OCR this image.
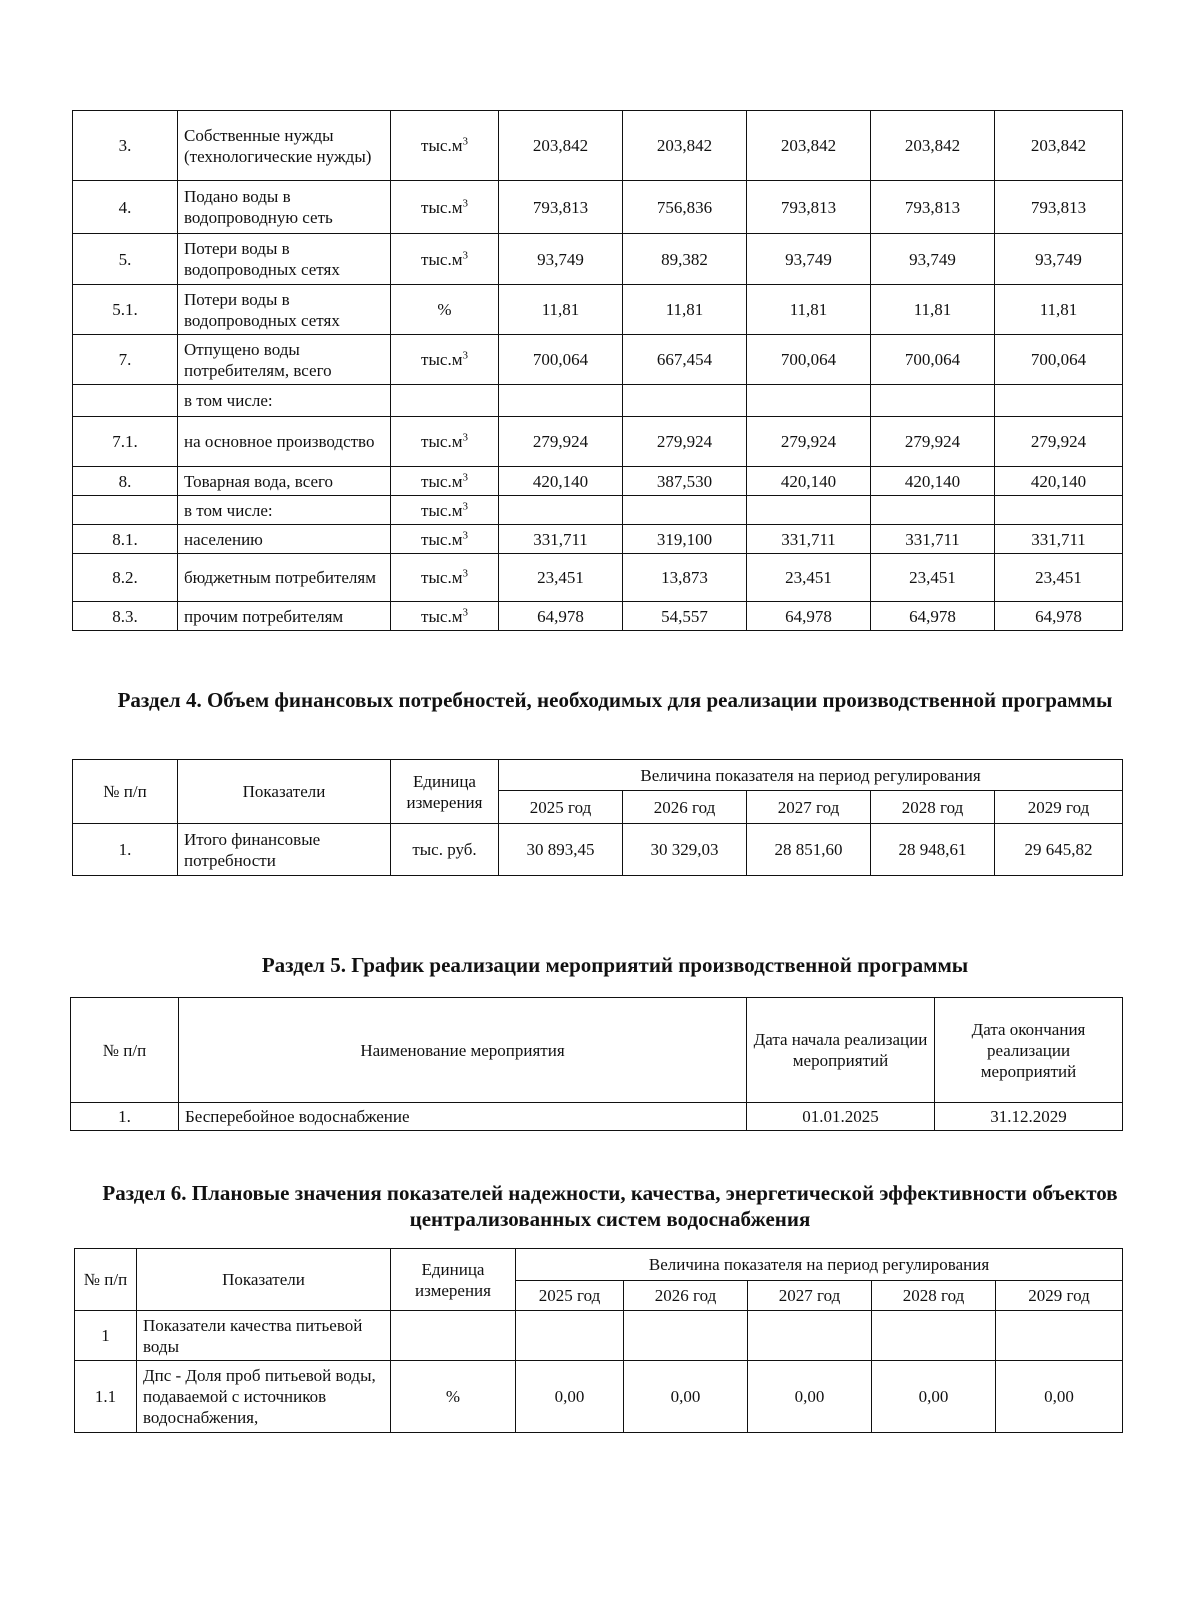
3.	Собственные нужды (технологические нужды)	$тыс.м^3$	203,842	203,842	203,842	203,842	203,842
4.	Подано воды в водопроводную сеть	$тыс.м^3$	793,813	756,836	793,813	793,813	793,813
5.	Потери воды в водопроводных сетях	$тыс.м^3$	93,749	89,382	93,749	93,749	93,749
5.1.	Потери воды в водопроводных сетях	%	11,81	11,81	11,81	11,81	11,81
7.	Отпущено воды потребителям, всего	$тыс.м^3$	700,064	667,454	700,064	700,064	700,064
	в том числе:						
7.1.	на основное производство	$тыс.м^3$	279,924	279,924	279,924	279,924	279,924
8.	Товарная вода, всего	$тыс.м^3$	420,140	387,530	420,140	420,140	420,140
	в том числе:	$тыс.м^3$					
8.1.	населению	$тыс.м^3$	331,711	319,100	331,711	331,711	331,711
8.2.	бюджетным потребителям	$тыс.м^3$	23,451	13,873	23,451	23,451	23,451
8.3.	прочим потребителям	$тыс.м^3$	64,978	54,557	64,978	64,978	64,978
Раздел 4. Объем финансовых потребностей, необходимых для реализации производственной программы
№ п/п	Показатели	Единица измерения	Величина показателя на период регулирования				
			2025 год	2026 год	2027 год	2028 год	2029 год
1.	Итого финансовые потребности	тыс. руб.	30 893,45	30 329,03	28 851,60	28 948,61	29 645,82
Раздел 5. График реализации мероприятий производственной программы
№ п/п	Наименование мероприятия	Дата начала реализации мероприятий	Дата окончания реализации мероприятий
1.	Бесперебойное водоснабжение	01.01.2025	31.12.2029
Раздел 6. Плановые значения показателей надежности, качества, энергетической эффективности объектов централизованных систем водоснабжения
№ п/п	Показатели	Единица измерения	Величина показателя на период регулирования				
			2025 год	2026 год	2027 год	2028 год	2029 год
1	Показатели качества питьевой воды						
1.1	Дпс - Доля проб питьевой воды, подаваемой с источников водоснабжения,	%	0,00	0,00	0,00	0,00	0,00
